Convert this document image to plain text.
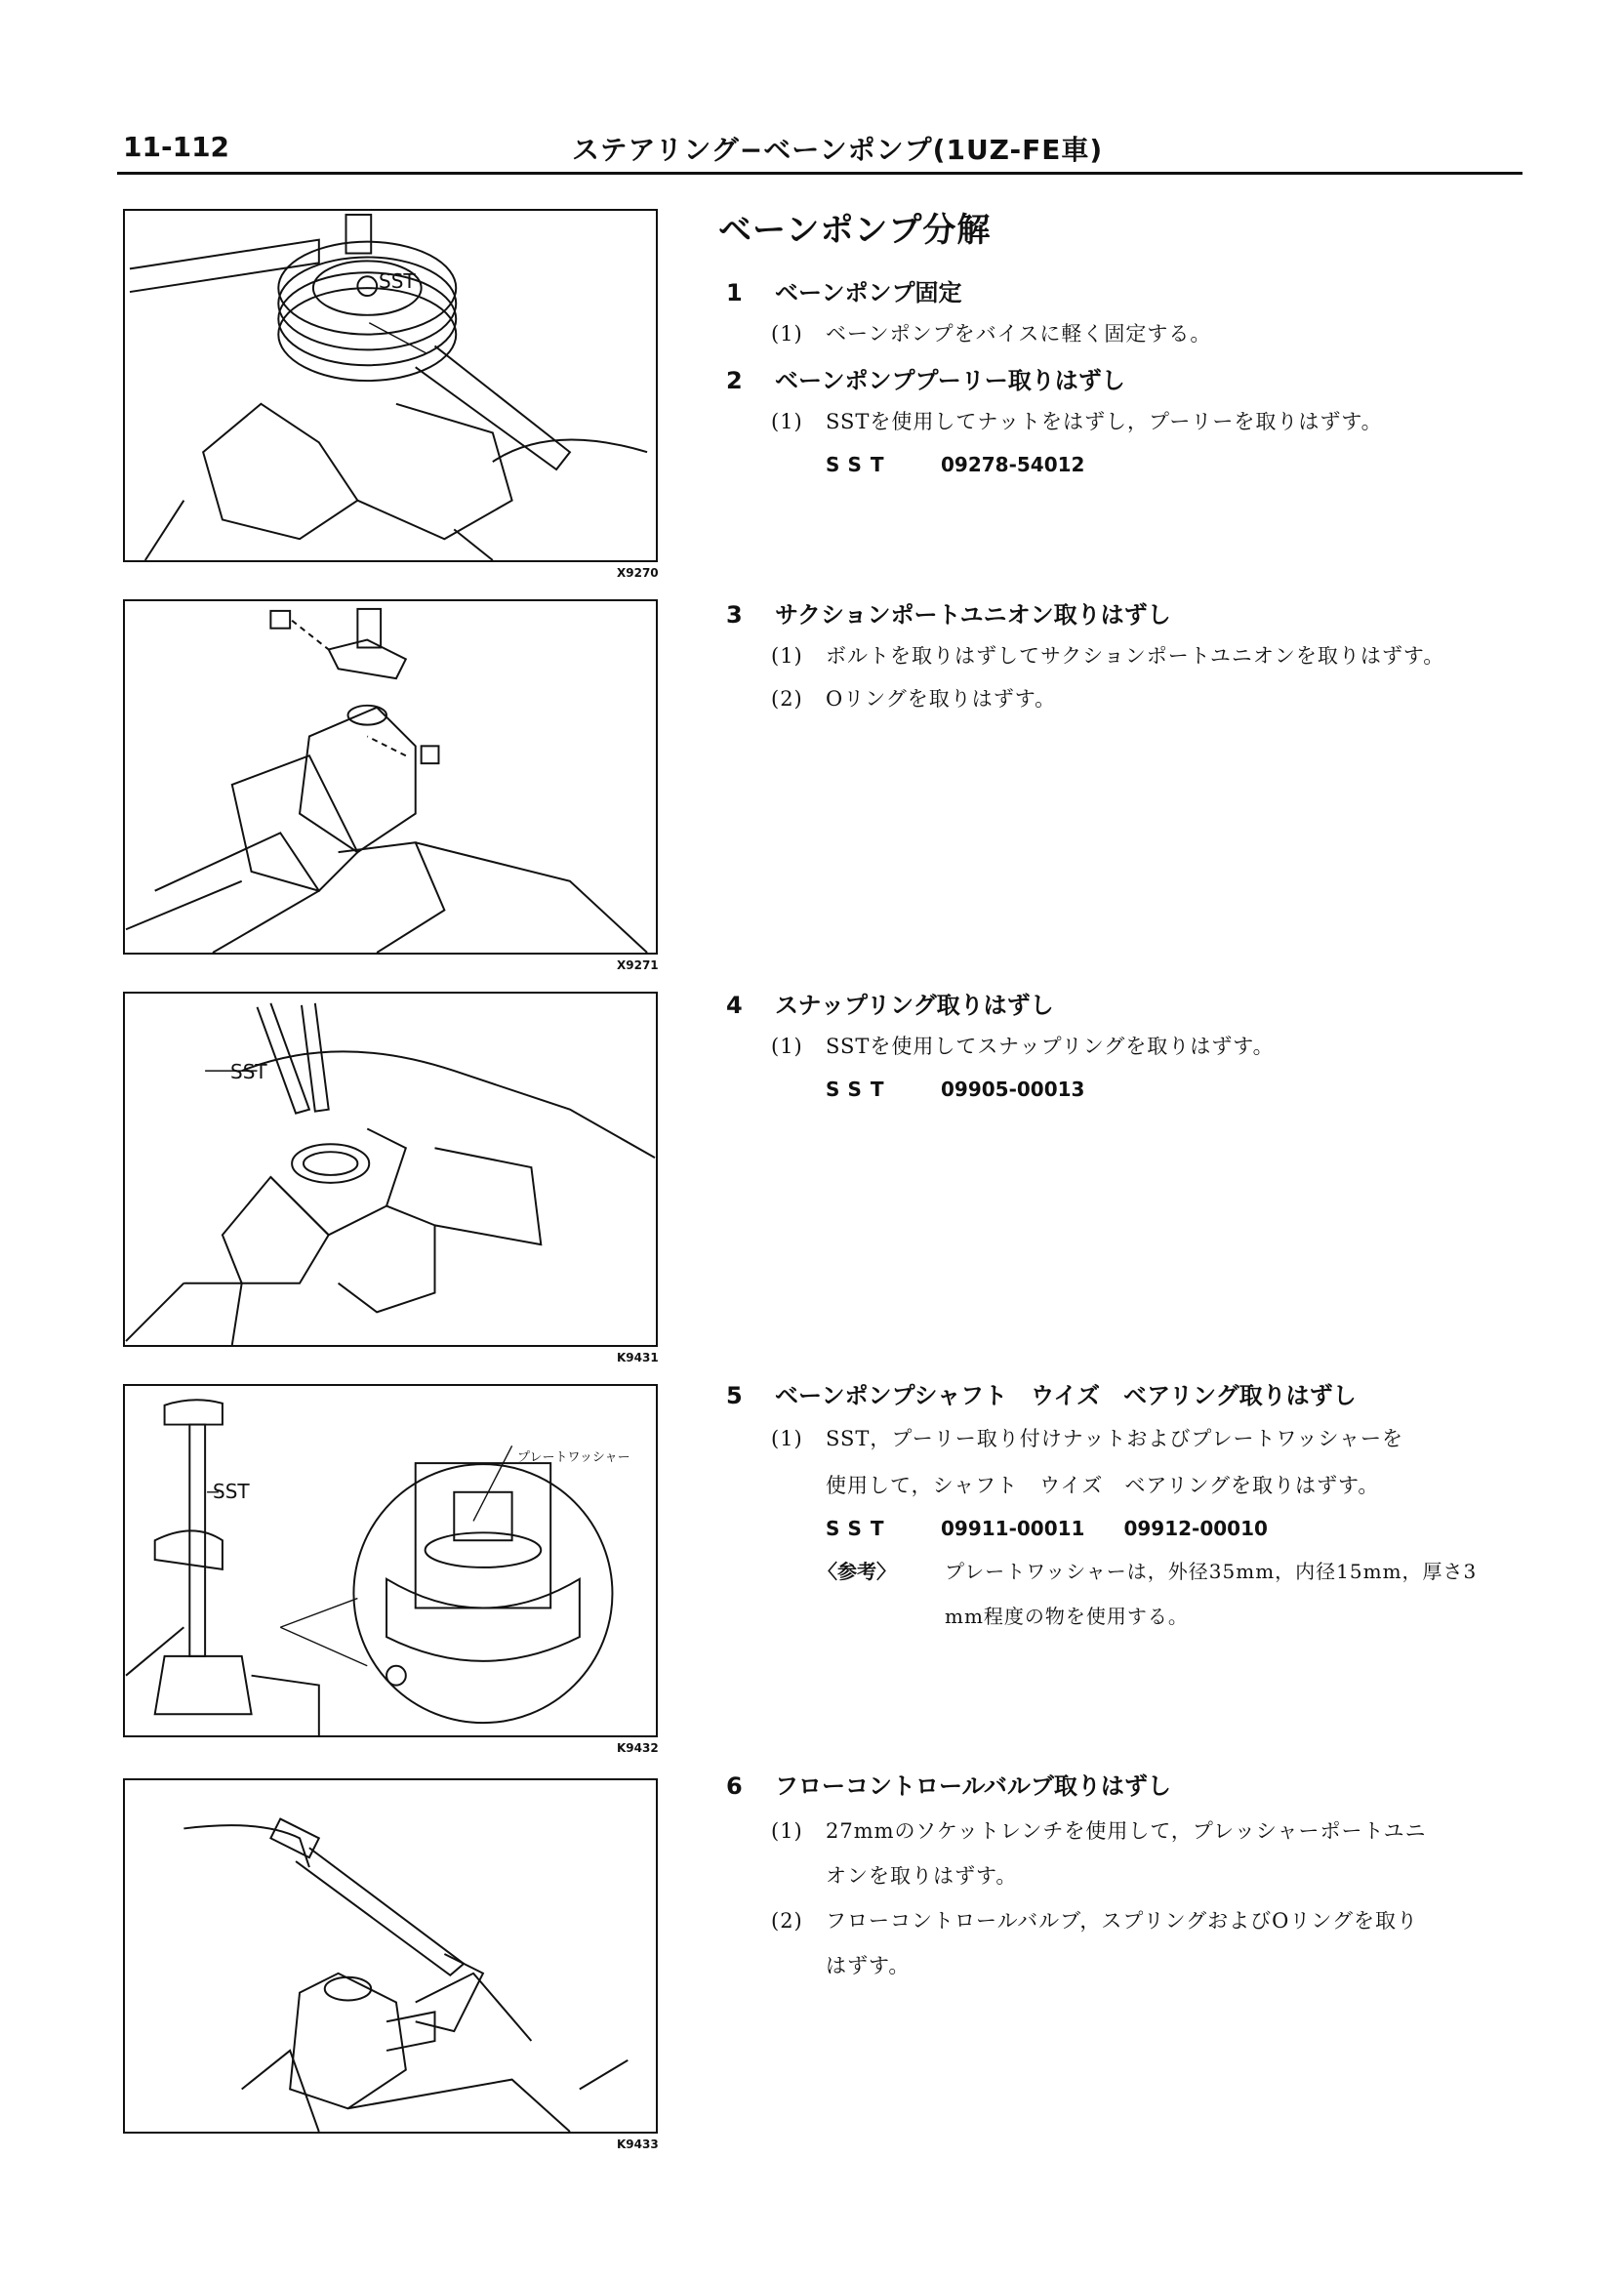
11-112	ステアリング−ベーンポンプ(1UZ-FE車)
SST
X9270
X9271
SST
K9431
SST
プレートワッシャー
K9432
K9433
ベーンポンプ分解
1 ベーンポンプ固定
(1) ベーンポンプをバイスに軽く固定する。
2 ベーンポンププーリー取りはずし
(1) SSTを使用してナットをはずし，プーリーを取りはずす。
SST 09278-54012
3 サクションポートユニオン取りはずし
(1) ボルトを取りはずしてサクションポートユニオンを取りはずす。
(2) Oリングを取りはずす。
4 スナップリング取りはずし
(1) SSTを使用してスナップリングを取りはずす。
SST 09905-00013
5 ベーンポンプシャフト　ウイズ　ベアリング取りはずし
(1) SST，プーリー取り付けナットおよびプレートワッシャーを
使用して，シャフト　ウイズ　ベアリングを取りはずす。
SST 09911-00011 09912-00010
〈参考〉	プレートワッシャーは，外径35mm，内径15mm，厚さ3
mm程度の物を使用する。
6 フローコントロールバルブ取りはずし
(1) 27mmのソケットレンチを使用して，プレッシャーポートユニ
オンを取りはずす。
(2) フローコントロールバルブ，スプリングおよびOリングを取り
はずす。
